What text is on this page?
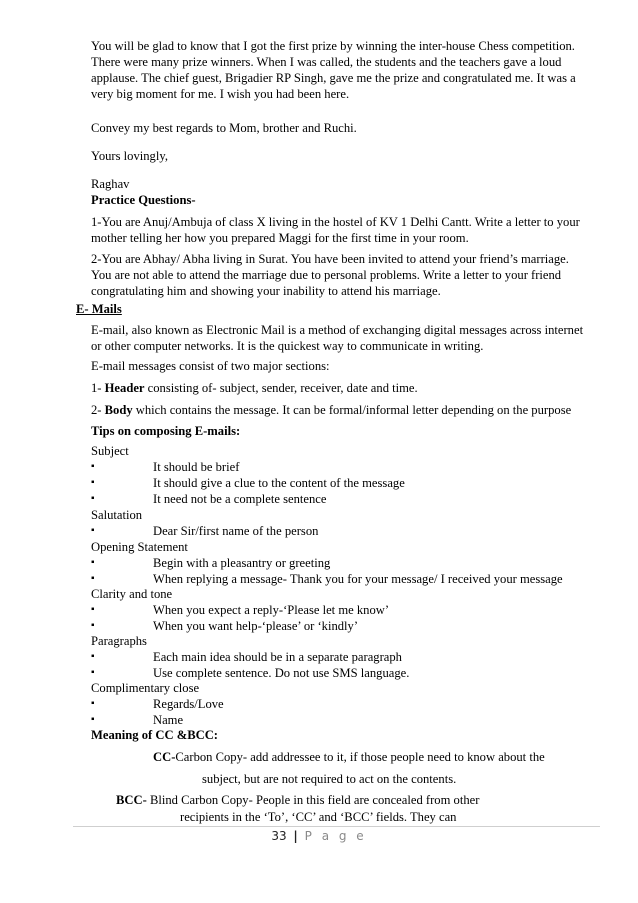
You will be glad to know that I got the first prize by winning the inter-house Chess competition.
There were many prize winners. When I was called, the students and the teachers gave a loud
applause. The chief guest, Brigadier RP Singh, gave me the prize and congratulated me. It was a
very big moment for me. I wish you had been here.
Convey my best regards to Mom, brother and Ruchi.
Yours lovingly,
Raghav
Practice Questions-
1-You are Anuj/Ambuja of class X living in the hostel of KV 1 Delhi Cantt. Write a letter to your
mother telling her how you prepared Maggi for the first time in your room.
2-You are Abhay/ Abha living in Surat. You have been invited to attend your friend’s marriage.
You are not able to attend the marriage due to personal problems. Write a letter to your friend
congratulating him and showing your inability to attend his marriage.
E- Mails
E-mail, also known as Electronic Mail is a method of exchanging digital messages across internet
or other computer networks. It is the quickest way to communicate in writing.
E-mail messages consist of two major sections:
1- Header consisting of- subject, sender, receiver, date and time.
2- Body which contains the message. It can be formal/informal letter depending on the purpose
Tips on composing E-mails:
Subject
▪	It should be brief
▪	It should give a clue to the content of the message
▪	It need not be a complete sentence
Salutation
▪	Dear Sir/first name of the person
Opening Statement
▪	Begin with a pleasantry or greeting
▪	When replying a message- Thank you for your message/ I received your message
Clarity and tone
▪	When you expect a reply-‘Please let me know’
▪	When you want help-‘please’ or ‘kindly’
Paragraphs
▪	Each main idea should be in a separate paragraph
▪	Use complete sentence. Do not use SMS language.
Complimentary close
▪	Regards/Love
▪	Name
Meaning of CC &BCC:
CC-Carbon Copy- add addressee to it, if those people need to know about the
subject, but are not required to act on the contents.
BCC- Blind Carbon Copy- People in this field are concealed from other
recipients in the ‘To’, ‘CC’ and ‘BCC’ fields. They can
33 | P a g e
